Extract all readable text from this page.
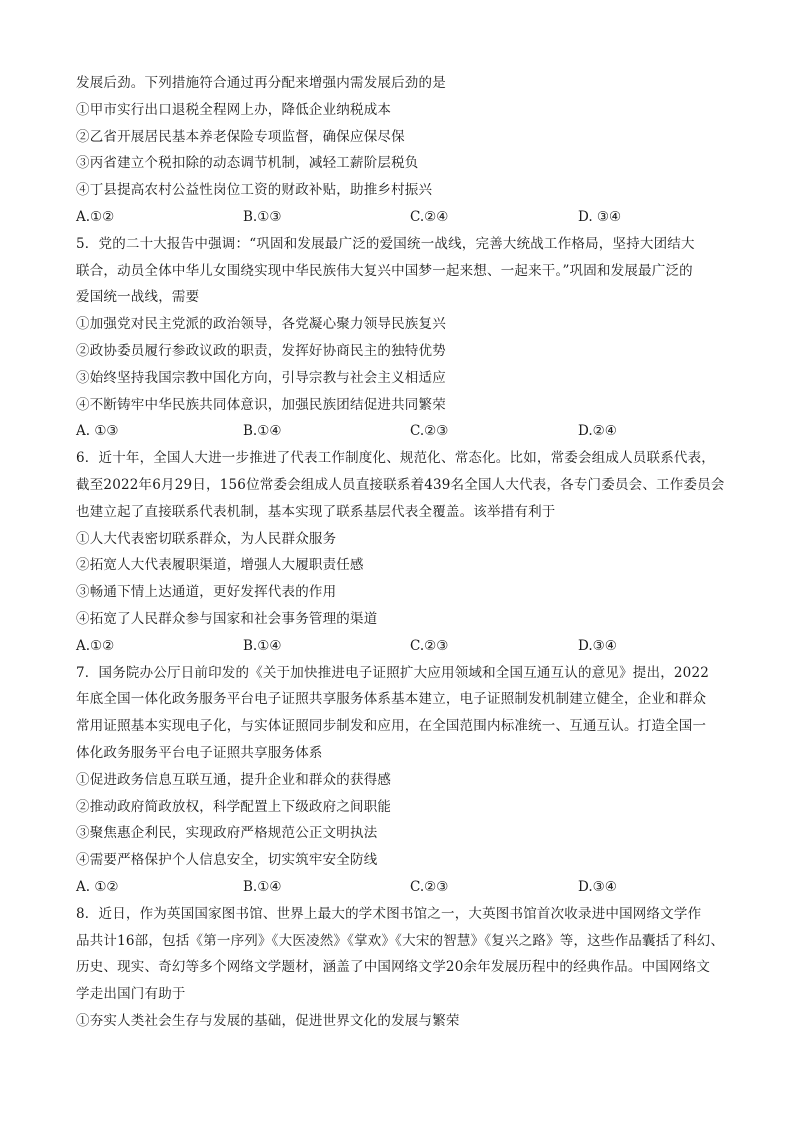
发展后劲。下列措施符合通过再分配来增强内需发展后劲的是
①甲市实行出口退税全程网上办，降低企业纳税成本
②乙省开展居民基本养老保险专项监督，确保应保尽保
③丙省建立个税扣除的动态调节机制，减轻工薪阶层税负
④丁县提高农村公益性岗位工资的财政补贴，助推乡村振兴
A.①②	B.①③	C.②④	D. ③④
5．党的二十大报告中强调：“巩固和发展最广泛的爱国统一战线，完善大统战工作格局，坚持大团结大
联合，动员全体中华儿女围绕实现中华民族伟大复兴中国梦一起来想、一起来干。”巩固和发展最广泛的
爱国统一战线，需要
①加强党对民主党派的政治领导，各党凝心聚力领导民族复兴
②政协委员履行参政议政的职责，发挥好协商民主的独特优势
③始终坚持我国宗教中国化方向，引导宗教与社会主义相适应
④不断铸牢中华民族共同体意识，加强民族团结促进共同繁荣
A. ①③	B.①④	C.②③	D.②④
6．近十年，全国人大进一步推进了代表工作制度化、规范化、常态化。比如，常委会组成人员联系代表，
截至2022年6月29日，156位常委会组成人员直接联系着439名全国人大代表，各专门委员会、工作委员会
也建立起了直接联系代表机制，基本实现了联系基层代表全覆盖。该举措有利于
①人大代表密切联系群众，为人民群众服务
②拓宽人大代表履职渠道，增强人大履职责任感
③畅通下情上达通道，更好发挥代表的作用
④拓宽了人民群众参与国家和社会事务管理的渠道
A.①②	B.①④	C.②③	D.③④
7．国务院办公厅日前印发的《关于加快推进电子证照扩大应用领域和全国互通互认的意见》提出，2022
年底全国一体化政务服务平台电子证照共享服务体系基本建立，电子证照制发机制建立健全，企业和群众
常用证照基本实现电子化，与实体证照同步制发和应用，在全国范围内标准统一、互通互认。打造全国一
体化政务服务平台电子证照共享服务体系
①促进政务信息互联互通，提升企业和群众的获得感
②推动政府简政放权，科学配置上下级政府之间职能
③聚焦惠企利民，实现政府严格规范公正文明执法
④需要严格保护个人信息安全，切实筑牢安全防线
A. ①②	B.①④	C.②③	D.③④
8．近日，作为英国国家图书馆、世界上最大的学术图书馆之一，大英图书馆首次收录进中国网络文学作
品共计16部，包括《第一序列》《大医凌然》《掌欢》《大宋的智慧》《复兴之路》等，这些作品囊括了科幻、
历史、现实、奇幻等多个网络文学题材，涵盖了中国网络文学20余年发展历程中的经典作品。中国网络文
学走出国门有助于
①夯实人类社会生存与发展的基础，促进世界文化的发展与繁荣
